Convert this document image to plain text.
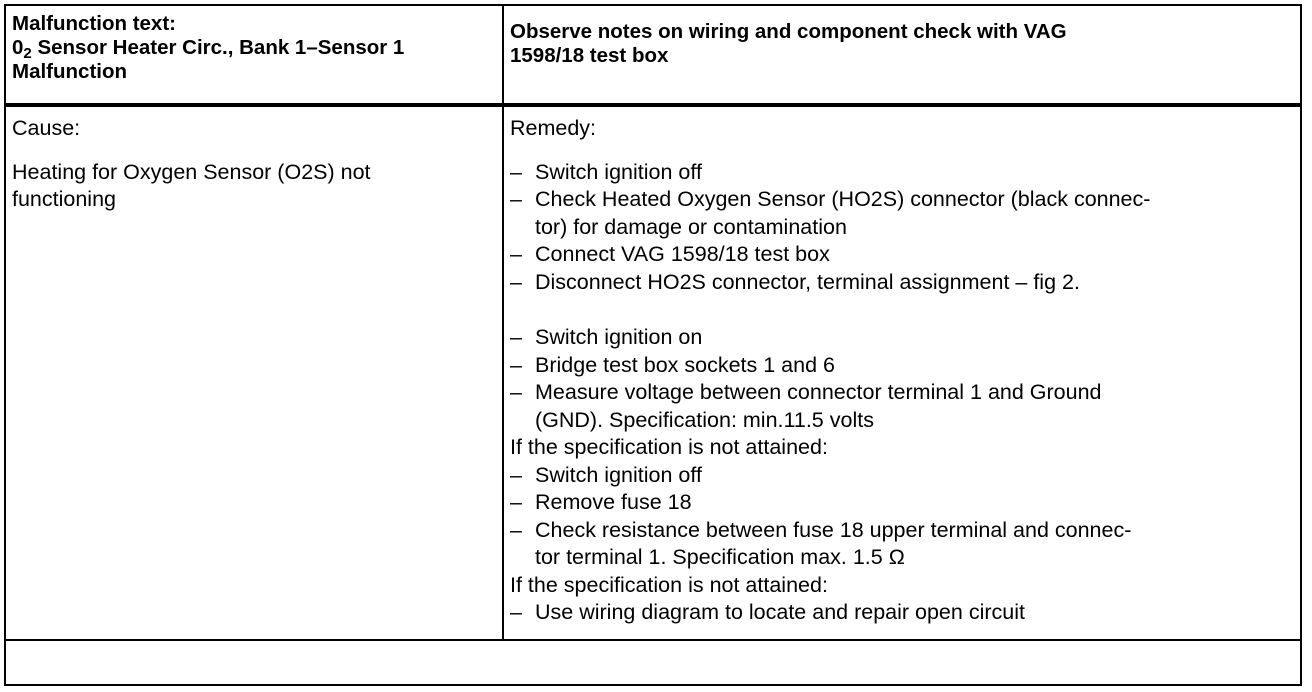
Malfunction text:
$0_2$ Sensor Heater Circ., Bank 1–Sensor 1
Malfunction
Observe notes on wiring and component check with VAG
1598/18 test box
Cause:
Heating for Oxygen Sensor (O2S) not
functioning
Remedy:
– Switch ignition off
– Check Heated Oxygen Sensor (HO2S) connector (black connec-
tor) for damage or contamination
– Connect VAG 1598/18 test box
– Disconnect HO2S connector, terminal assignment – fig 2.
– Switch ignition on
– Bridge test box sockets 1 and 6
– Measure voltage between connector terminal 1 and Ground
(GND). Specification: min.11.5 volts
If the specification is not attained:
– Switch ignition off
– Remove fuse 18
– Check resistance between fuse 18 upper terminal and connec-
tor terminal 1. Specification max. 1.5 Ω
If the specification is not attained:
– Use wiring diagram to locate and repair open circuit
